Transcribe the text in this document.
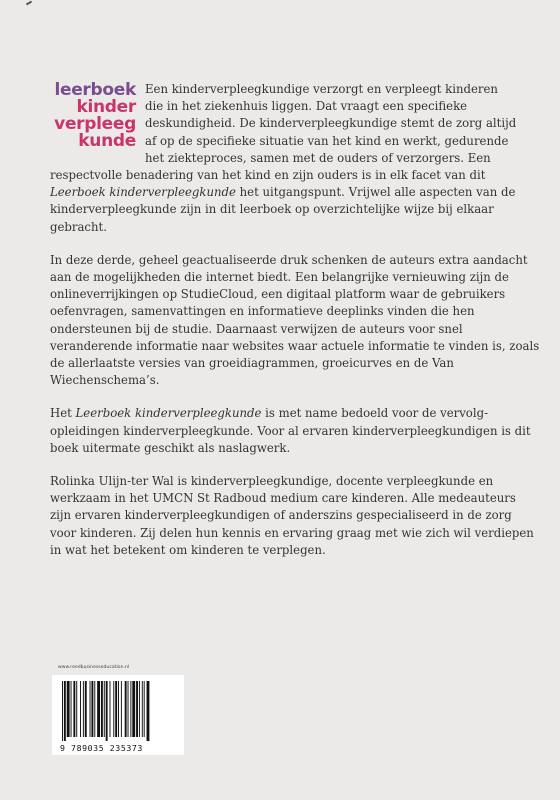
leerboek
kinder
verpleeg
kunde

Een kinderverpleegkundige verzorgt en verpleegt kinderen

die in het ziekenhuis liggen. Dat vraagt een specifieke

deskundigheid. De kinderverpleegkundige stemt de zorg altijd

af op de specifieke situatie van het kind en werkt, gedurende

het ziekteproces, samen met de ouders of verzorgers. Een

respectvolle benadering van het kind en zijn ouders is in elk facet van dit Leerboek kinderverpleegkunde het uitgangspunt. Vrijwel alle aspecten van de kinderverpleegkunde zijn in dit leerboek op overzichtelijke wijze bij elkaar gebracht.

In deze derde, geheel geactualiseerde druk schenken de auteurs extra aandacht aan de mogelijkheden die internet biedt. Een belangrijke vernieuwing zijn de onlineverrijkingen op StudieCloud, een digitaal platform waar de gebruikers oefenvragen, samenvattingen en informatieve deeplinks vinden die hen ondersteunen bij de studie. Daarnaast verwijzen de auteurs voor snel veranderende informatie naar websites waar actuele informatie te vinden is, zoals de allerlaatste versies van groeidiagrammen, groeicurves en de Van Wiechenschema’s.

Het Leerboek kinderverpleegkunde is met name bedoeld voor de vervolg-opleidingen kinderverpleegkunde. Voor al ervaren kinderverpleegkundigen is dit boek uitermate geschikt als naslagwerk.

Rolinka Ulijn-ter Wal is kinderverpleegkundige, docente verpleegkunde en werkzaam in het UMCN St Radboud medium care kinderen. Alle medeauteurs zijn ervaren kinderverpleegkundigen of anderszins gespecialiseerd in de zorg voor kinderen. Zij delen hun kennis en ervaring graag met wie zich wil verdiepen in wat het betekent om kinderen te verplegen.

www.reedbusinesseducation.nl
9 789035 235373
